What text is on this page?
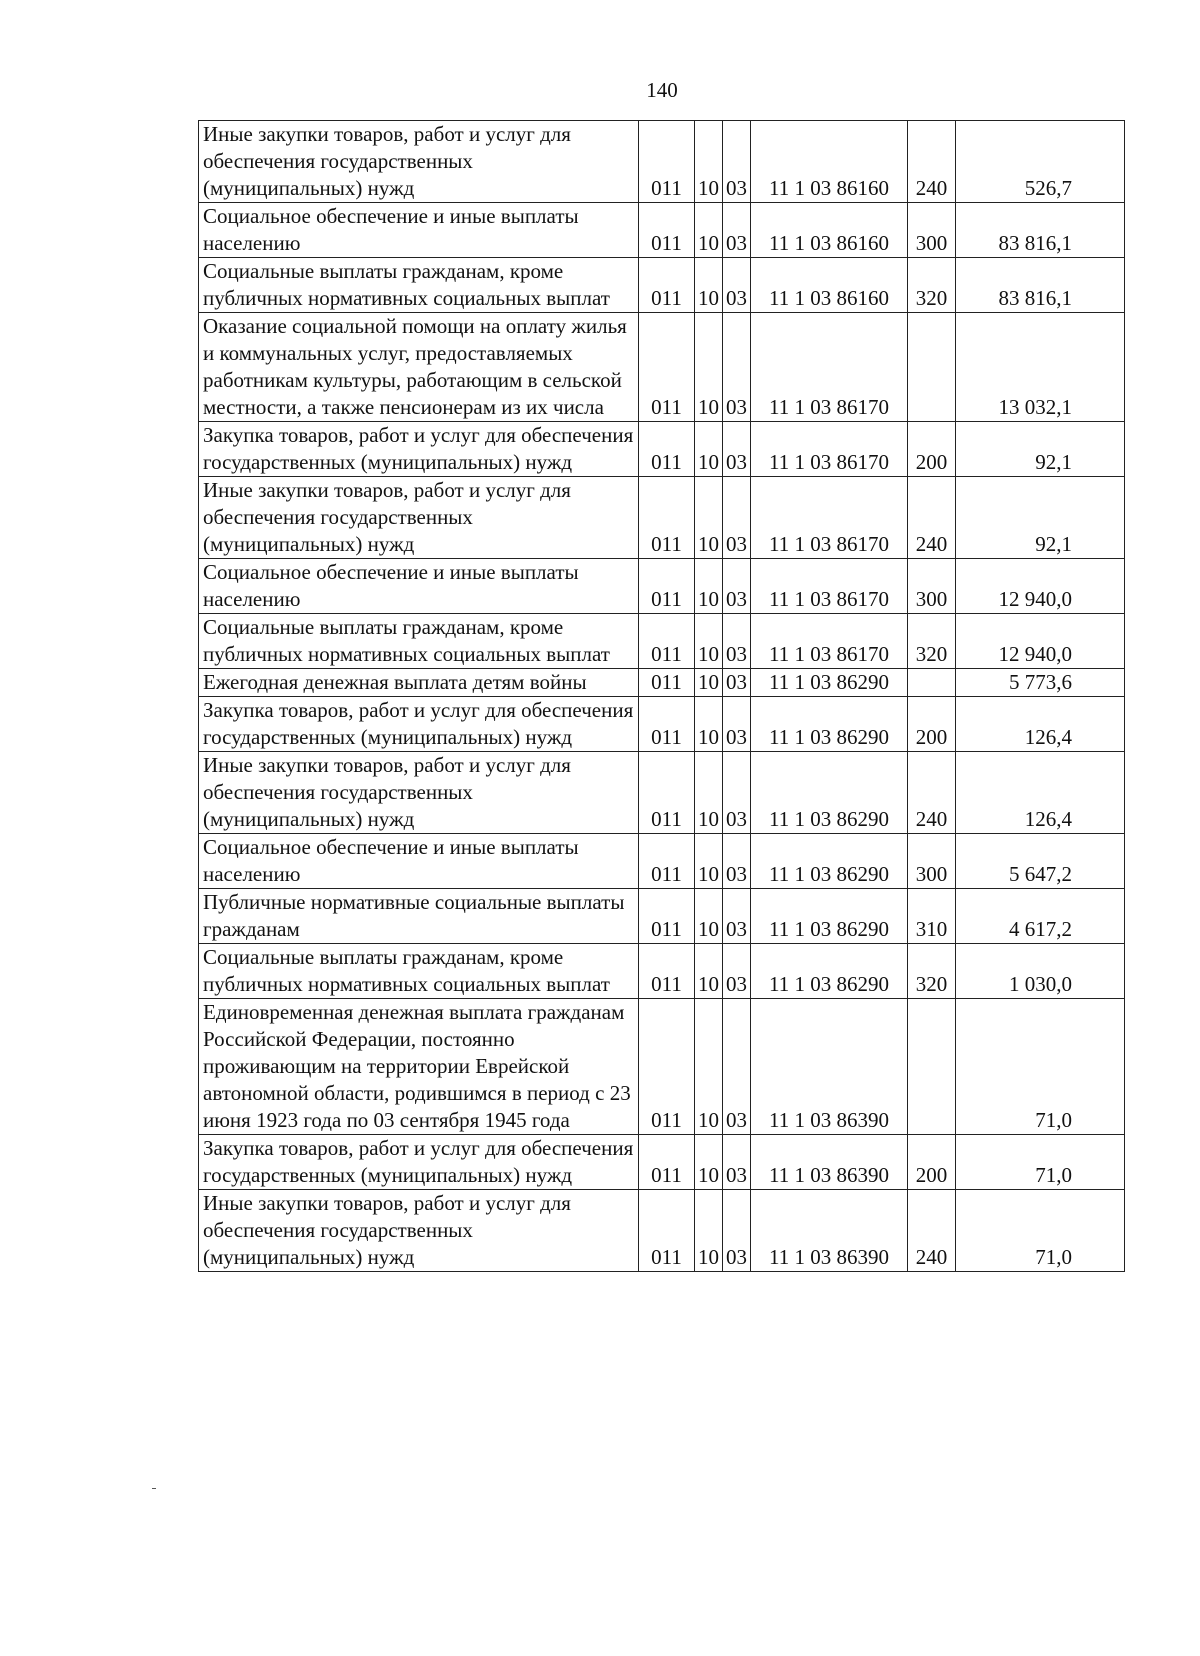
140
Иные закупки товаров, работ и услуг для обеспечения государственных (муниципальных) нужд	011	10	03	11 1 03 86160	240	526,7
Социальное обеспечение и иные выплаты населению	011	10	03	11 1 03 86160	300	83 816,1
Социальные выплаты гражданам, кроме публичных нормативных социальных выплат	011	10	03	11 1 03 86160	320	83 816,1
Оказание социальной помощи на оплату жилья и коммунальных услуг, предоставляемых работникам культуры, работающим в сельской местности, а также пенсионерам из их числа	011	10	03	11 1 03 86170		13 032,1
Закупка товаров, работ и услуг для обеспечения государственных (муниципальных) нужд	011	10	03	11 1 03 86170	200	92,1
Иные закупки товаров, работ и услуг для обеспечения государственных (муниципальных) нужд	011	10	03	11 1 03 86170	240	92,1
Социальное обеспечение и иные выплаты населению	011	10	03	11 1 03 86170	300	12 940,0
Социальные выплаты гражданам, кроме публичных нормативных социальных выплат	011	10	03	11 1 03 86170	320	12 940,0
Ежегодная денежная выплата детям войны	011	10	03	11 1 03 86290		5 773,6
Закупка товаров, работ и услуг для обеспечения государственных (муниципальных) нужд	011	10	03	11 1 03 86290	200	126,4
Иные закупки товаров, работ и услуг для обеспечения государственных (муниципальных) нужд	011	10	03	11 1 03 86290	240	126,4
Социальное обеспечение и иные выплаты населению	011	10	03	11 1 03 86290	300	5 647,2
Публичные нормативные социальные выплаты гражданам	011	10	03	11 1 03 86290	310	4 617,2
Социальные выплаты гражданам, кроме публичных нормативных социальных выплат	011	10	03	11 1 03 86290	320	1 030,0
Единовременная денежная выплата гражданам Российской Федерации, постоянно проживающим на территории Еврейской автономной области, родившимся в период с 23 июня 1923 года по 03 сентября 1945 года	011	10	03	11 1 03 86390		71,0
Закупка товаров, работ и услуг для обеспечения государственных (муниципальных) нужд	011	10	03	11 1 03 86390	200	71,0
Иные закупки товаров, работ и услуг для обеспечения государственных (муниципальных) нужд	011	10	03	11 1 03 86390	240	71,0
